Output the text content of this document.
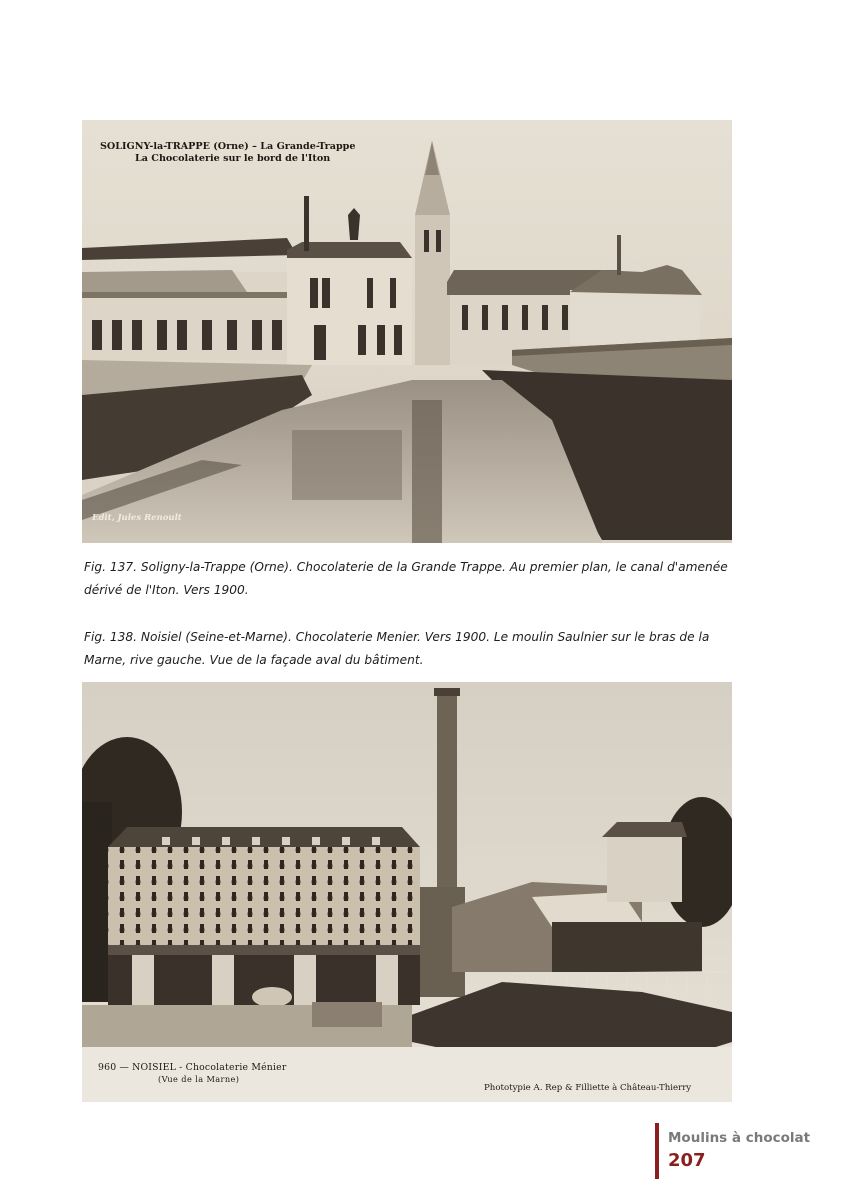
SOLIGNY-la-TRAPPE (Orne) – La Grande-Trappe
La Chocolaterie sur le bord de l'Iton
Edit, Jules Renoult
Fig. 137. Soligny-la-Trappe (Orne). Chocolaterie de la Grande Trappe. Au premier plan, le canal d'amenée dérivé de l'Iton. Vers 1900.
Fig. 138. Noisiel (Seine-et-Marne). Chocolaterie Menier. Vers 1900. Le moulin Saulnier sur le bras de la Marne, rive gauche. Vue de la façade aval du bâtiment.
960 — NOISIEL - Chocolaterie Ménier
(Vue de la Marne)
Phototypie A. Rep & Filliette à Château-Thierry
Moulins à chocolat
207
